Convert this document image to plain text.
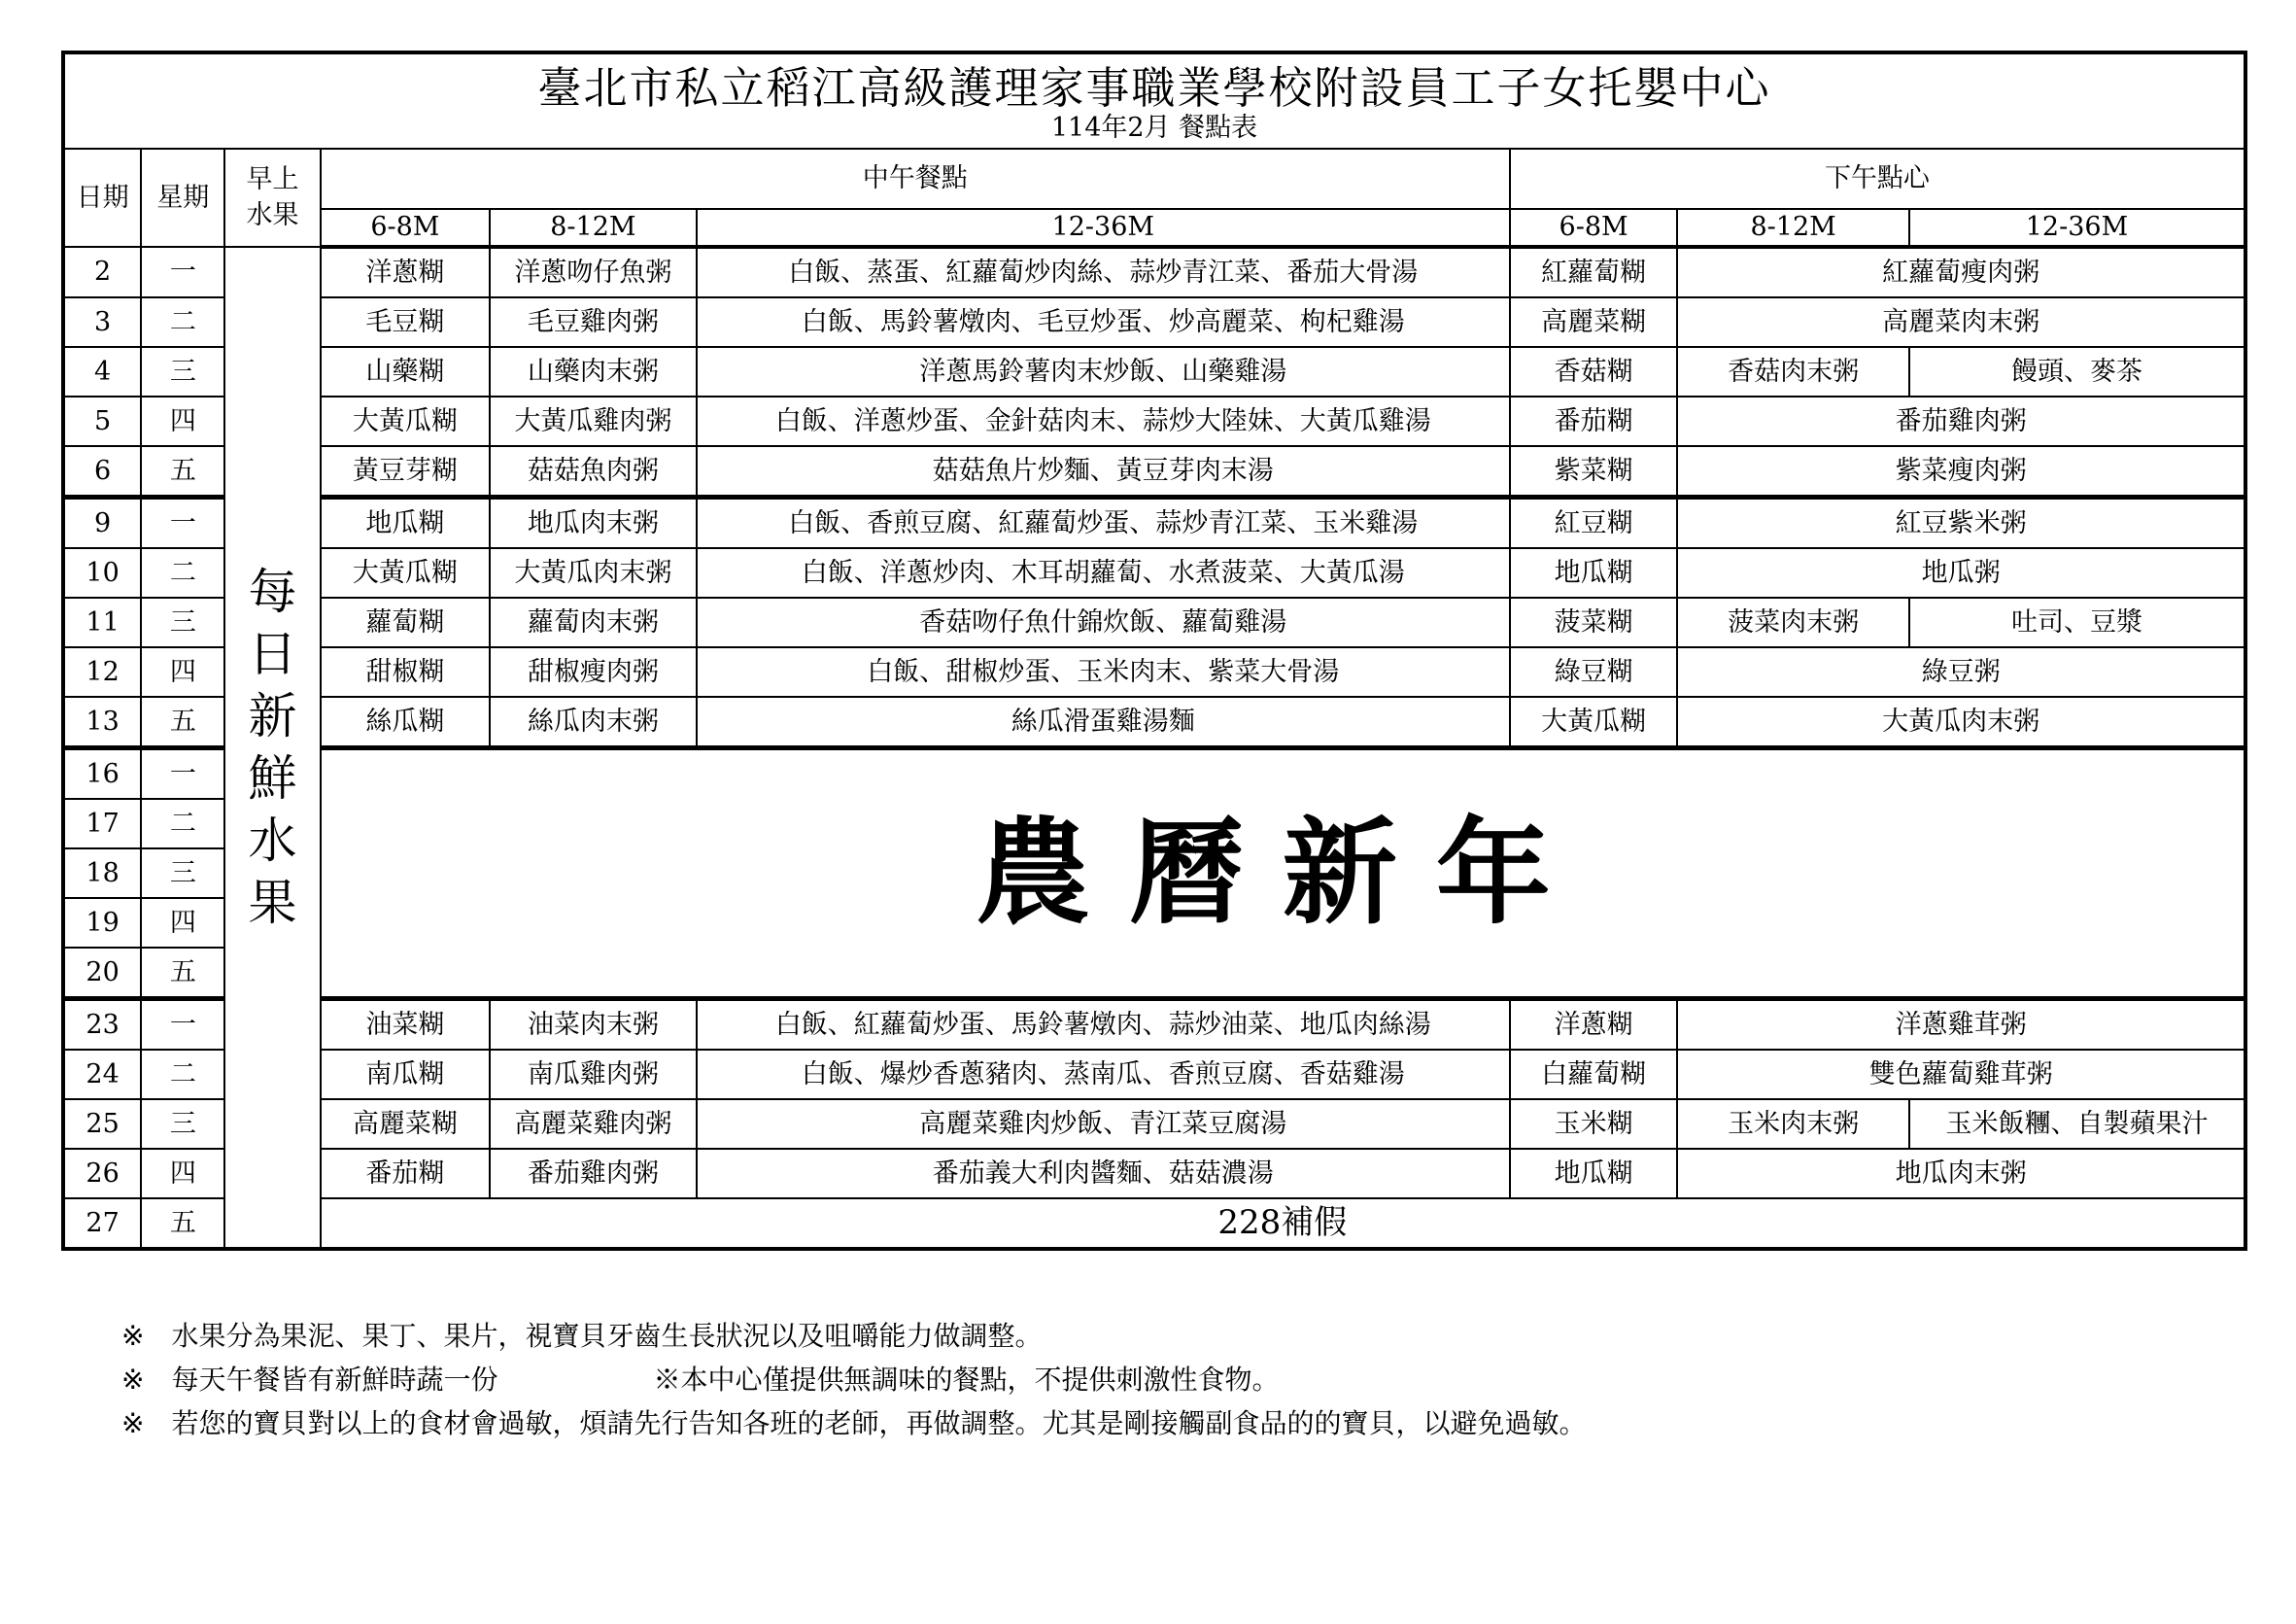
臺北市私立稻江高級護理家事職業學校附設員工子女托嬰中心
114年2月 餐點表								

日期	星期	早上
水果	中午餐點			下午點心		
			6-8M	8-12M	12-36M	6-8M	8-12M	12-36M
2	一	每日新鮮水果	洋蔥糊	洋蔥吻仔魚粥	白飯、蒸蛋、紅蘿蔔炒肉絲、蒜炒青江菜、番茄大骨湯	紅蘿蔔糊	紅蘿蔔瘦肉粥	
3	二		毛豆糊	毛豆雞肉粥	白飯、馬鈴薯燉肉、毛豆炒蛋、炒高麗菜、枸杞雞湯	高麗菜糊	高麗菜肉末粥	
4	三		山藥糊	山藥肉末粥	洋蔥馬鈴薯肉末炒飯、山藥雞湯	香菇糊	香菇肉末粥	饅頭、麥茶
5	四		大黃瓜糊	大黃瓜雞肉粥	白飯、洋蔥炒蛋、金針菇肉末、蒜炒大陸妹、大黃瓜雞湯	番茄糊	番茄雞肉粥	
6	五		黃豆芽糊	菇菇魚肉粥	菇菇魚片炒麵、黃豆芽肉末湯	紫菜糊	紫菜瘦肉粥	
9	一		地瓜糊	地瓜肉末粥	白飯、香煎豆腐、紅蘿蔔炒蛋、蒜炒青江菜、玉米雞湯	紅豆糊	紅豆紫米粥	
10	二		大黃瓜糊	大黃瓜肉末粥	白飯、洋蔥炒肉、木耳胡蘿蔔、水煮菠菜、大黃瓜湯	地瓜糊	地瓜粥	
11	三		蘿蔔糊	蘿蔔肉末粥	香菇吻仔魚什錦炊飯、蘿蔔雞湯	菠菜糊	菠菜肉末粥	吐司、豆漿
12	四		甜椒糊	甜椒瘦肉粥	白飯、甜椒炒蛋、玉米肉末、紫菜大骨湯	綠豆糊	綠豆粥	
13	五		絲瓜糊	絲瓜肉末粥	絲瓜滑蛋雞湯麵	大黃瓜糊	大黃瓜肉末粥	
16	一		農曆新年					
17	二							
18	三							
19	四							
20	五							
23	一		油菜糊	油菜肉末粥	白飯、紅蘿蔔炒蛋、馬鈴薯燉肉、蒜炒油菜、地瓜肉絲湯	洋蔥糊	洋蔥雞茸粥	
24	二		南瓜糊	南瓜雞肉粥	白飯、爆炒香蔥豬肉、蒸南瓜、香煎豆腐、香菇雞湯	白蘿蔔糊	雙色蘿蔔雞茸粥	
25	三		高麗菜糊	高麗菜雞肉粥	高麗菜雞肉炒飯、青江菜豆腐湯	玉米糊	玉米肉末粥	玉米飯糰、自製蘋果汁
26	四		番茄糊	番茄雞肉粥	番茄義大利肉醬麵、菇菇濃湯	地瓜糊	地瓜肉末粥	
27	五		228補假					
※ 水果分為果泥、果丁、果片，視寶貝牙齒生長狀況以及咀嚼能力做調整。
※ 每天午餐皆有新鮮時蔬一份	※本中心僅提供無調味的餐點，不提供刺激性食物。
※ 若您的寶貝對以上的食材會過敏，煩請先行告知各班的老師，再做調整。尤其是剛接觸副食品的的寶貝，以避免過敏。
